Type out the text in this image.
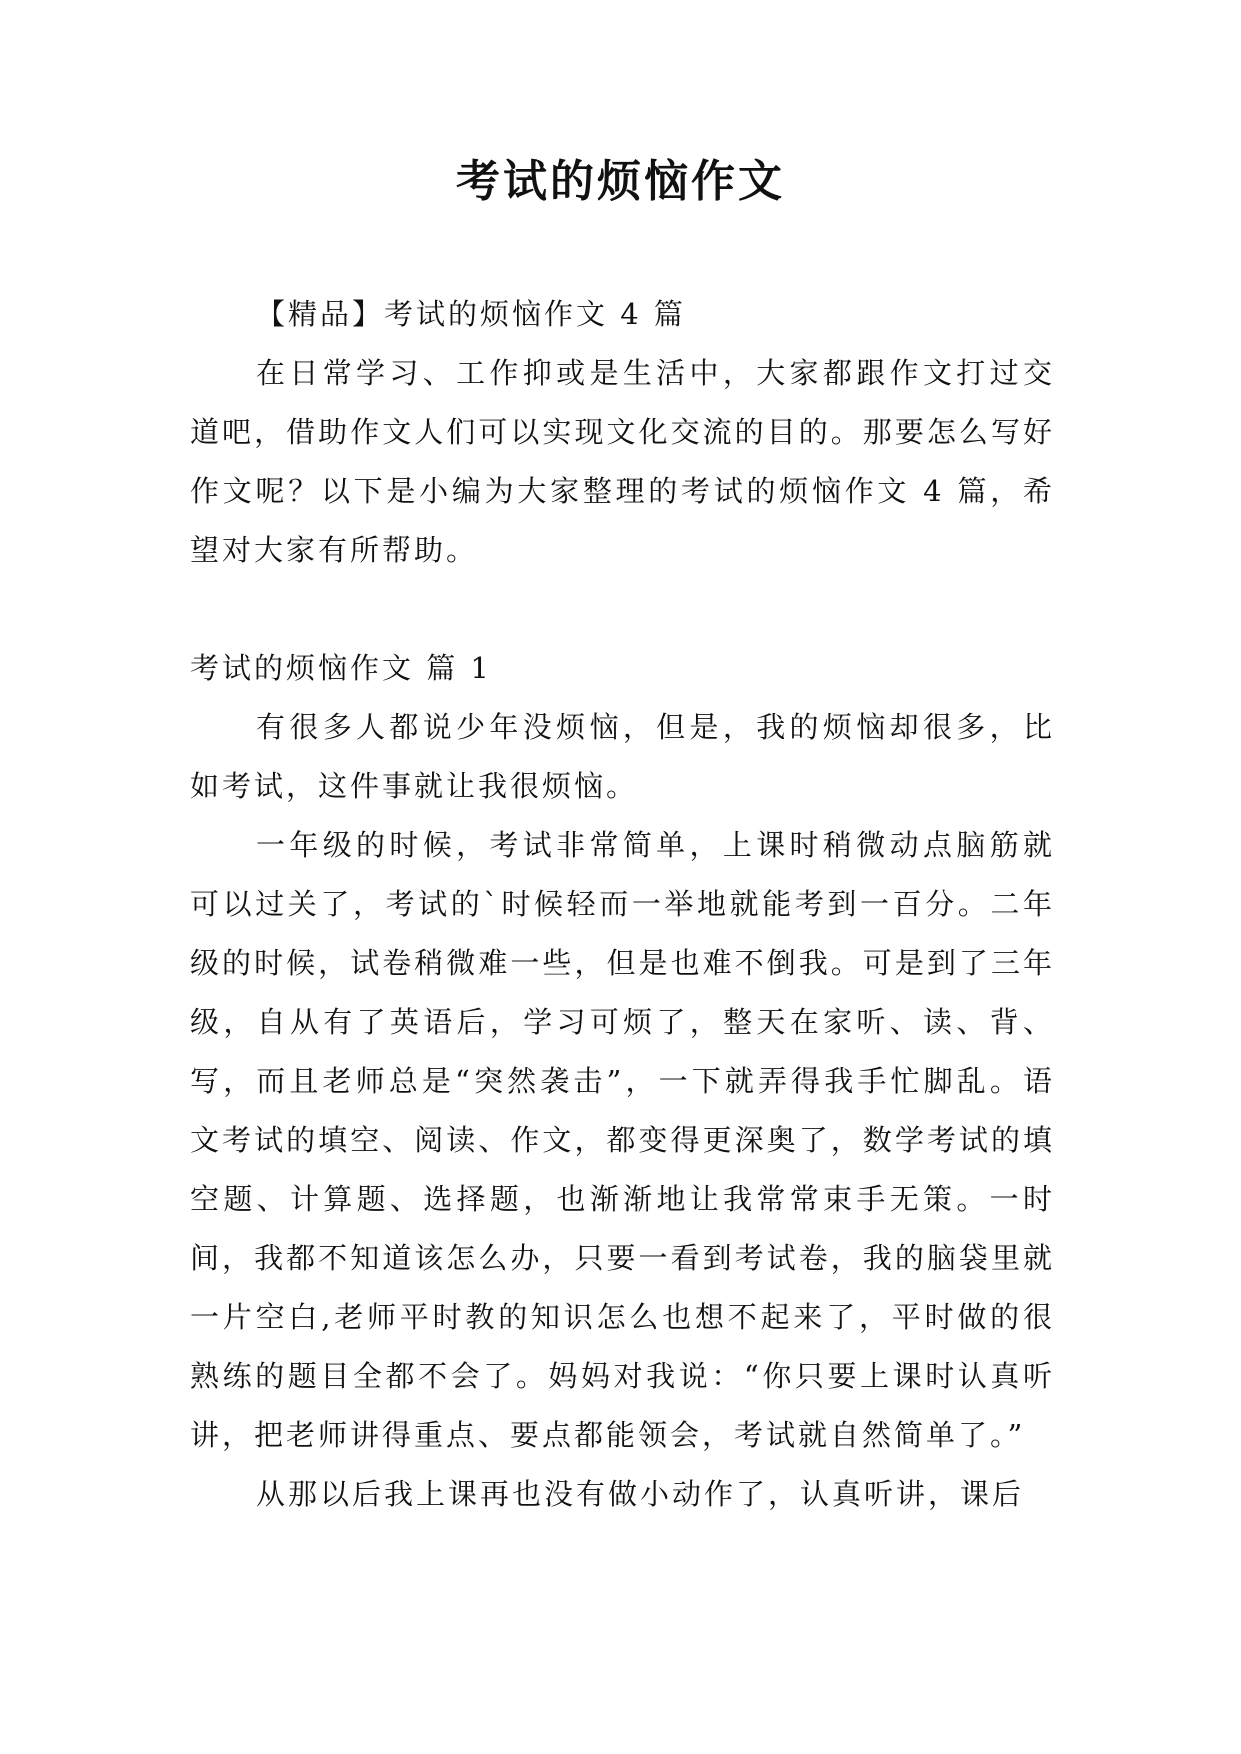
考试的烦恼作文

【精品】考试的烦恼作文 4 篇

在日常学习、工作抑或是生活中，大家都跟作文打过交道吧，借助作文人们可以实现文化交流的目的。那要怎么写好作文呢？以下是小编为大家整理的考试的烦恼作文 4 篇，希望对大家有所帮助。

考试的烦恼作文 篇 1

有很多人都说少年没烦恼，但是，我的烦恼却很多，比如考试，这件事就让我很烦恼。

一年级的时候，考试非常简单，上课时稍微动点脑筋就可以过关了，考试的`时候轻而一举地就能考到一百分。二年级的时候，试卷稍微难一些，但是也难不倒我。可是到了三年级，自从有了英语后，学习可烦了，整天在家听、读、背、写，而且老师总是“突然袭击”，一下就弄得我手忙脚乱。语文考试的填空、阅读、作文，都变得更深奥了，数学考试的填空题、计算题、选择题，也渐渐地让我常常束手无策。一时间，我都不知道该怎么办，只要一看到考试卷，我的脑袋里就一片空白,老师平时教的知识怎么也想不起来了，平时做的很熟练的题目全都不会了。妈妈对我说：“你只要上课时认真听讲，把老师讲得重点、要点都能领会，考试就自然简单了。”

从那以后我上课再也没有做小动作了，认真听讲，课后
